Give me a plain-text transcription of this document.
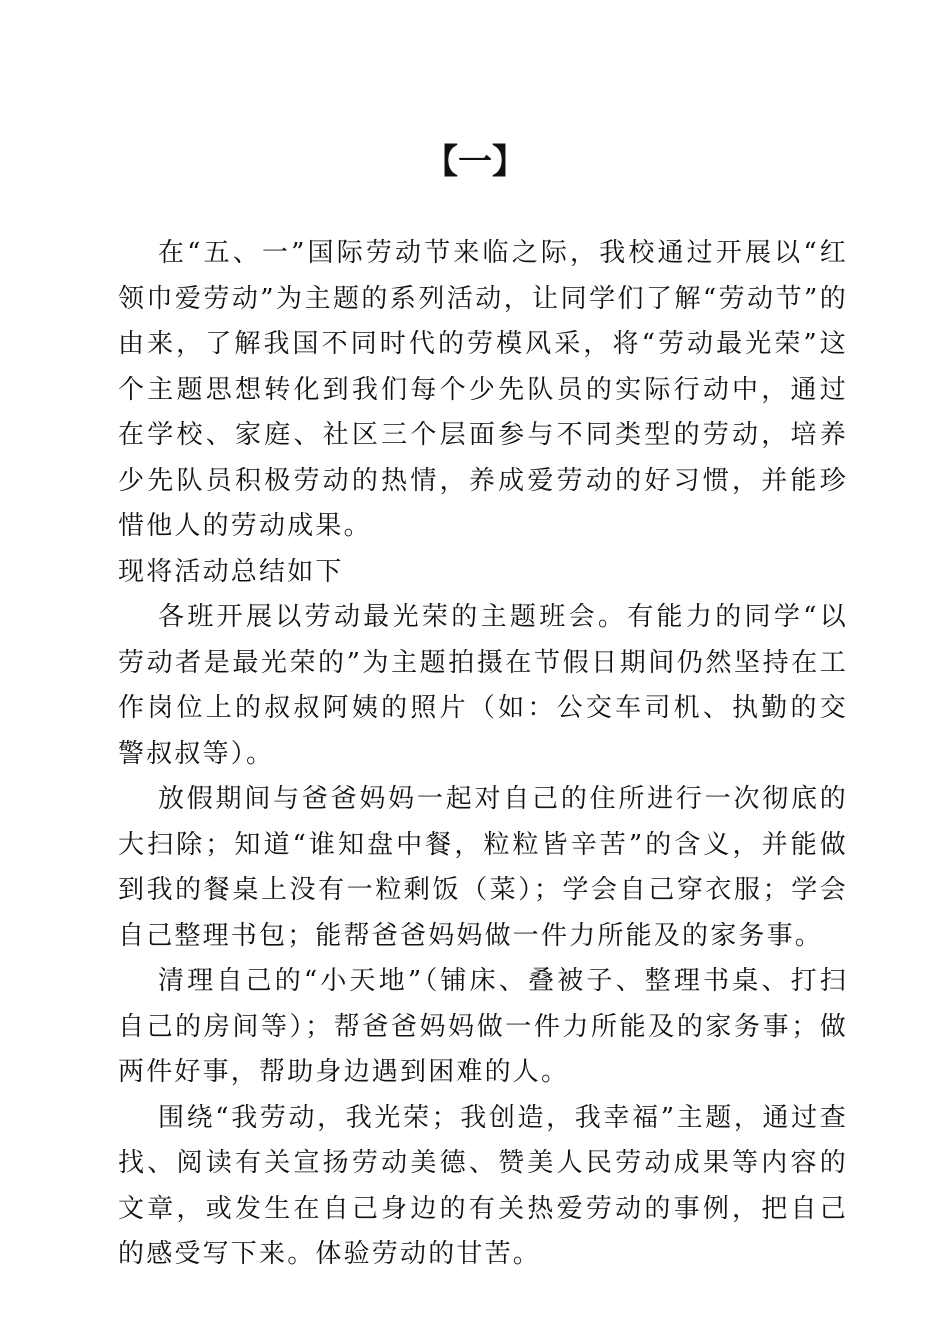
【一】

在“五、一”国际劳动节来临之际，我校通过开展以“红领巾爱劳动”为主题的系列活动，让同学们了解“劳动节”的由来，了解我国不同时代的劳模风采，将“劳动最光荣”这个主题思想转化到我们每个少先队员的实际行动中，通过在学校、家庭、社区三个层面参与不同类型的劳动，培养少先队员积极劳动的热情，养成爱劳动的好习惯，并能珍惜他人的劳动成果。

现将活动总结如下

各班开展以劳动最光荣的主题班会。有能力的同学“以劳动者是最光荣的”为主题拍摄在节假日期间仍然坚持在工作岗位上的叔叔阿姨的照片（如：公交车司机、执勤的交警叔叔等）。

放假期间与爸爸妈妈一起对自己的住所进行一次彻底的大扫除；知道“谁知盘中餐，粒粒皆辛苦”的含义，并能做到我的餐桌上没有一粒剩饭（菜）；学会自己穿衣服；学会自己整理书包；能帮爸爸妈妈做一件力所能及的家务事。

清理自己的“小天地”（铺床、叠被子、整理书桌、打扫自己的房间等）；帮爸爸妈妈做一件力所能及的家务事；做两件好事，帮助身边遇到困难的人。

围绕“我劳动，我光荣；我创造，我幸福”主题，通过查找、阅读有关宣扬劳动美德、赞美人民劳动成果等内容的文章，或发生在自己身边的有关热爱劳动的事例，把自己的感受写下来。体验劳动的甘苦。
